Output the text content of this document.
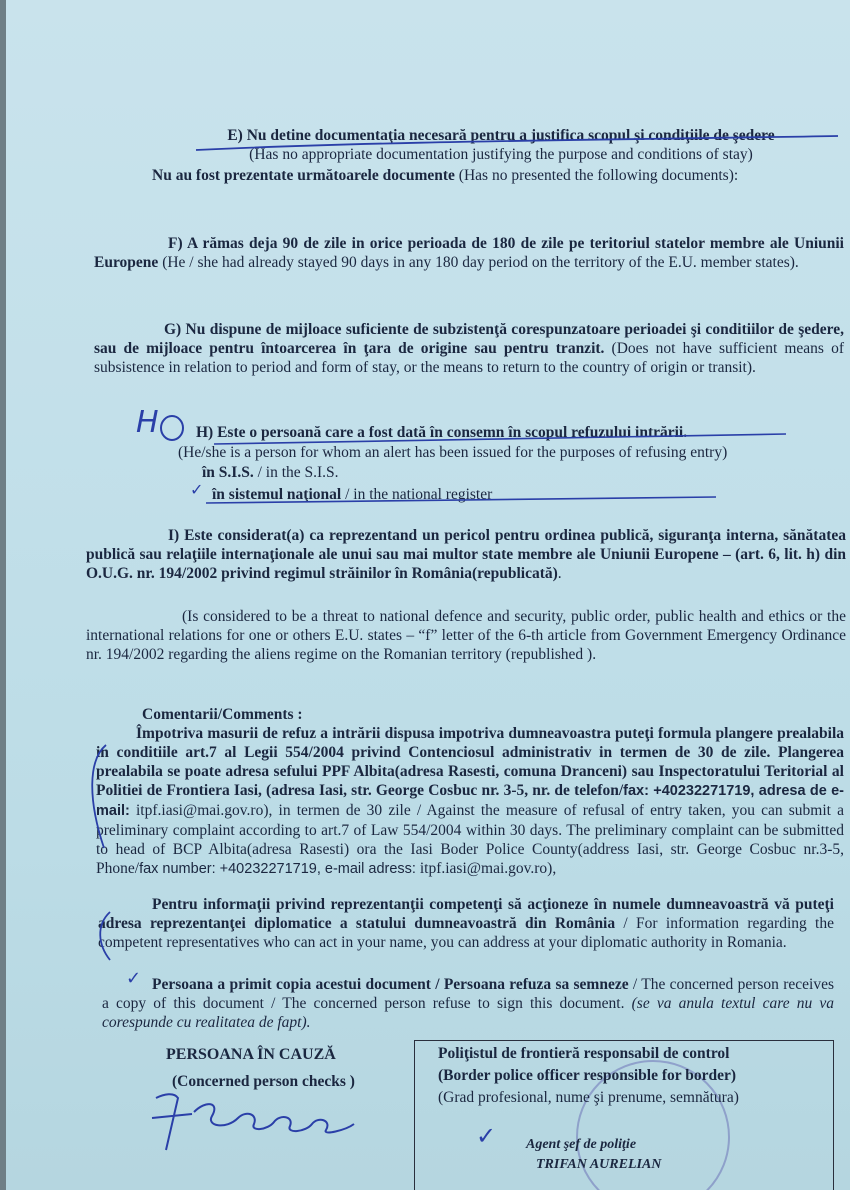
E) Nu detine documentaţia necesară pentru a justifica scopul şi condiţiile de şedere
(Has no appropriate documentation justifying the purpose and conditions of stay)
Nu au fost prezentate următoarele documente (Has no presented the following documents):
F) A rămas deja 90 de zile in orice perioada de 180 de zile pe teritoriul statelor membre ale Uniunii Europene (He / she had already stayed 90 days in any 180 day period on the territory of the E.U. member states).
G) Nu dispune de mijloace suficiente de subzistenţă corespunzatoare perioadei şi conditiilor de şedere, sau de mijloace pentru întoarcerea în ţara de origine sau pentru tranzit. (Does not have sufficient means of subsistence in relation to period and form of stay, or the means to return to the country of origin or transit).
H H) Este o persoană care a fost dată în consemn în scopul refuzului intrării.
(He/she is a person for whom an alert has been issued for the purposes of refusing entry)
în S.I.S. / in the S.I.S.
✓ în sistemul naţional / in the national register
I) Este considerat(a) ca reprezentand un pericol pentru ordinea publică, siguranţa interna, sănătatea publică sau relaţiile internaţionale ale unui sau mai multor state membre ale Uniunii Europene – (art. 6, lit. h) din O.U.G. nr. 194/2002 privind regimul străinilor în România(republicată).
(Is considered to be a threat to national defence and security, public order, public health and ethics or the international relations for one or others E.U. states – “f” letter of the 6-th article from Government Emergency Ordinance nr. 194/2002 regarding the aliens regime on the Romanian territory (republished ).
Comentarii/Comments :
Împotriva masurii de refuz a intrării dispusa impotriva dumneavoastra puteţi formula plangere prealabila in conditiile art.7 al Legii 554/2004 privind Contenciosul administrativ in termen de 30 de zile. Plangerea prealabila se poate adresa sefului PPF Albita(adresa Rasesti, comuna Dranceni) sau Inspectoratului Teritorial al Politiei de Frontiera Iasi, (adresa Iasi, str. George Cosbuc nr. 3-5, nr. de telefon/fax: +40232271719, adresa de e-mail: itpf.iasi@mai.gov.ro), in termen de 30 zile / Against the measure of refusal of entry taken, you can submit a preliminary complaint according to art.7 of Law 554/2004 within 30 days. The preliminary complaint can be submitted to head of BCP Albita(adresa Rasesti) ora the Iasi Boder Police County(address Iasi, str. George Cosbuc nr.3-5, Phone/fax number: +40232271719, e-mail adress: itpf.iasi@mai.gov.ro),
Pentru informaţii privind reprezentanţii competenţi să acţioneze în numele dumneavoastră vă puteţi adresa reprezentanţei diplomatice a statului dumneavoastră din România / For information regarding the competent representatives who can act in your name, you can address at your diplomatic authority in Romania.
✓ Persoana a primit copia acestui document / Persoana refuza sa semneze / The concerned person receives a copy of this document / The concerned person refuse to sign this document. (se va anula textul care nu va corespunde cu realitatea de fapt).
PERSOANA ÎN CAUZĂ
(Concerned person checks )
Poliţistul de frontieră responsabil de control
(Border police officer responsible for border)
(Grad profesional, nume şi prenume, semnătura)
Agent şef de poliţie
TRIFAN AURELIAN
✓
